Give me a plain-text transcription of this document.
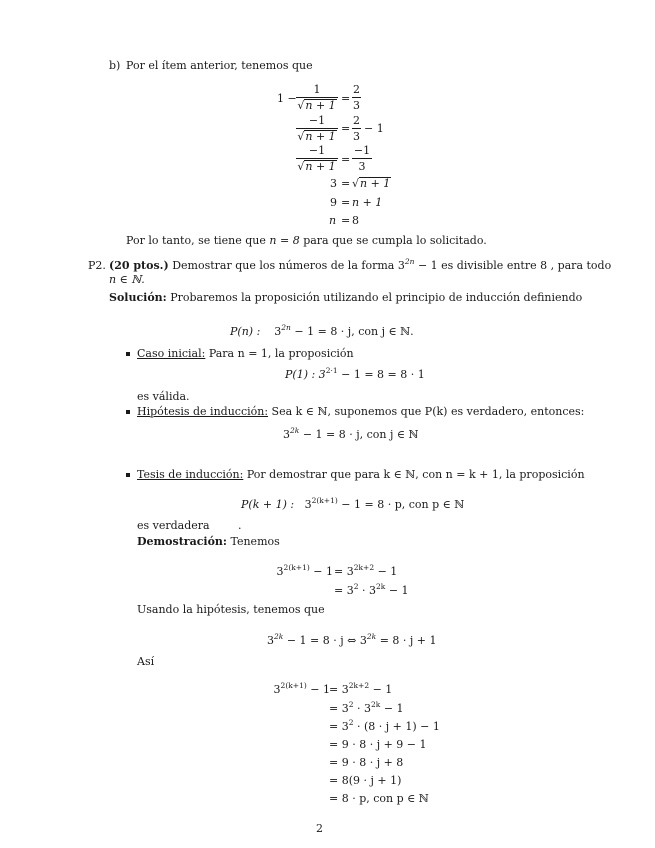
b) Por el ítem anterior, tenemos que
1 −
1
√n + 1
=
2
3
−1
√n + 1
=
2
3
− 1
−1
√n + 1
=
−1
3
3 = √n + 1
9 = n + 1
n = 8
Por lo tanto, se tiene que n = 8 para que se cumpla lo solicitado.
P2. (20 ptos.) Demostrar que los números de la forma $3^{2n} - 1$ es divisible entre 8 , para todo
n ∈ ℕ.
Solución: Probaremos la proposición utilizando el principio de inducción definiendo
P(n) : $3^{2n} - 1 = 8 \cdot j$, con j ∈ ℕ.
Caso inicial: Para n = 1, la proposición
P(1) : $3^{2\cdot 1} - 1 = 8 = 8 \cdot 1$
es válida.
Hipótesis de inducción: Sea k ∈ ℕ, suponemos que P(k) es verdadero, entonces:
$3^{2k} - 1 = 8 \cdot j$, con j ∈ ℕ
Tesis de inducción: Por demostrar que para k ∈ ℕ, con n = k + 1, la proposición
P(k + 1) : $3^{2(k+1)} - 1 = 8 \cdot p$, con p ∈ ℕ
es verdadera	.
Demostración: Tenemos
$3^{2(k+1)} - 1 = 3^{2k+2} - 1$
= $3^2 \cdot 3^{2k} - 1$
Usando la hipótesis, tenemos que
$3^{2k} - 1 = 8 \cdot j$ ⇔ $3^{2k} = 8 \cdot j + 1$
Así
$3^{2(k+1)} - 1 = 3^{2k+2} - 1$
= $3^2 \cdot 3^{2k} - 1$
= $3^2 \cdot (8 \cdot j + 1) - 1$
= 9 · 8 · j + 9 − 1
= 9 · 8 · j + 8
= 8(9 · j + 1)
= 8 · p, con p ∈ ℕ
2
